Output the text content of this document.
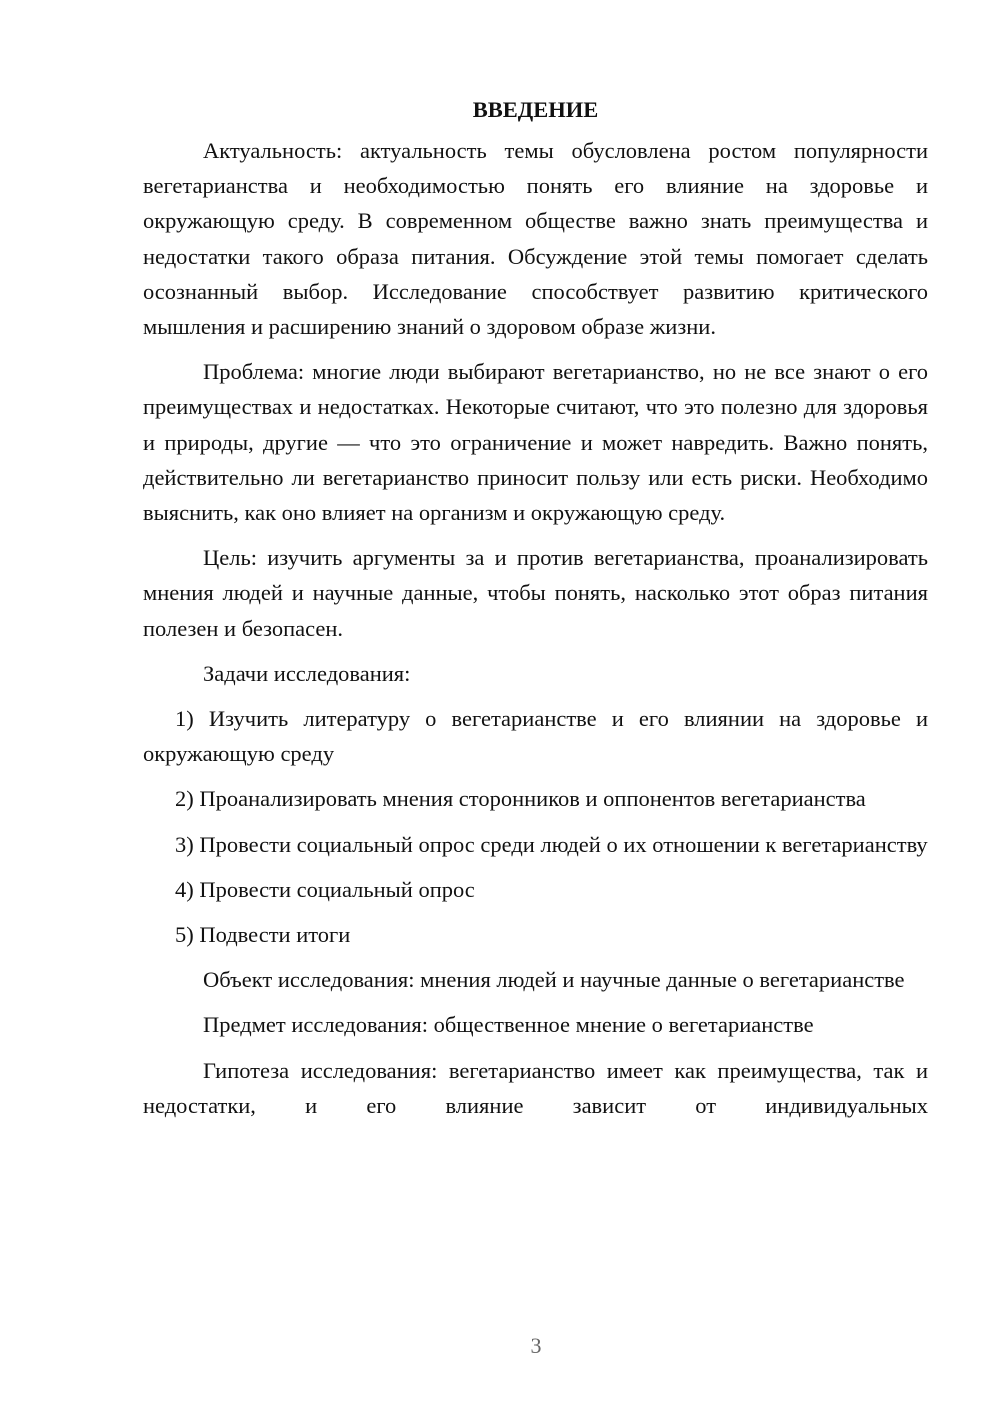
ВВЕДЕНИЕ

Актуальность: актуальность темы обусловлена ростом популярности вегетарианства и необходимостью понять его влияние на здоровье и окружающую среду. В современном обществе важно знать преимущества и недостатки такого образа питания. Обсуждение этой темы помогает сделать осознанный выбор. Исследование способствует развитию критического мышления и расширению знаний о здоровом образе жизни.

Проблема: многие люди выбирают вегетарианство, но не все знают о его преимуществах и недостатках. Некоторые считают, что это полезно для здоровья и природы, другие — что это ограничение и может навредить. Важно понять, действительно ли вегетарианство приносит пользу или есть риски. Необходимо выяснить, как оно влияет на организм и окружающую среду.

Цель: изучить аргументы за и против вегетарианства, проанализировать мнения людей и научные данные, чтобы понять, насколько этот образ питания полезен и безопасен.

Задачи исследования:

1) Изучить литературу о вегетарианстве и его влиянии на здоровье и окружающую среду

2) Проанализировать мнения сторонников и оппонентов вегетарианства

3) Провести социальный опрос среди людей о их отношении к вегетарианству

4) Провести социальный опрос

5) Подвести итоги

Объект исследования: мнения людей и научные данные о вегетарианстве

Предмет исследования: общественное мнение о вегетарианстве

Гипотеза исследования: вегетарианство имеет как преимущества, так и недостатки, и его влияние зависит от индивидуальных

3
